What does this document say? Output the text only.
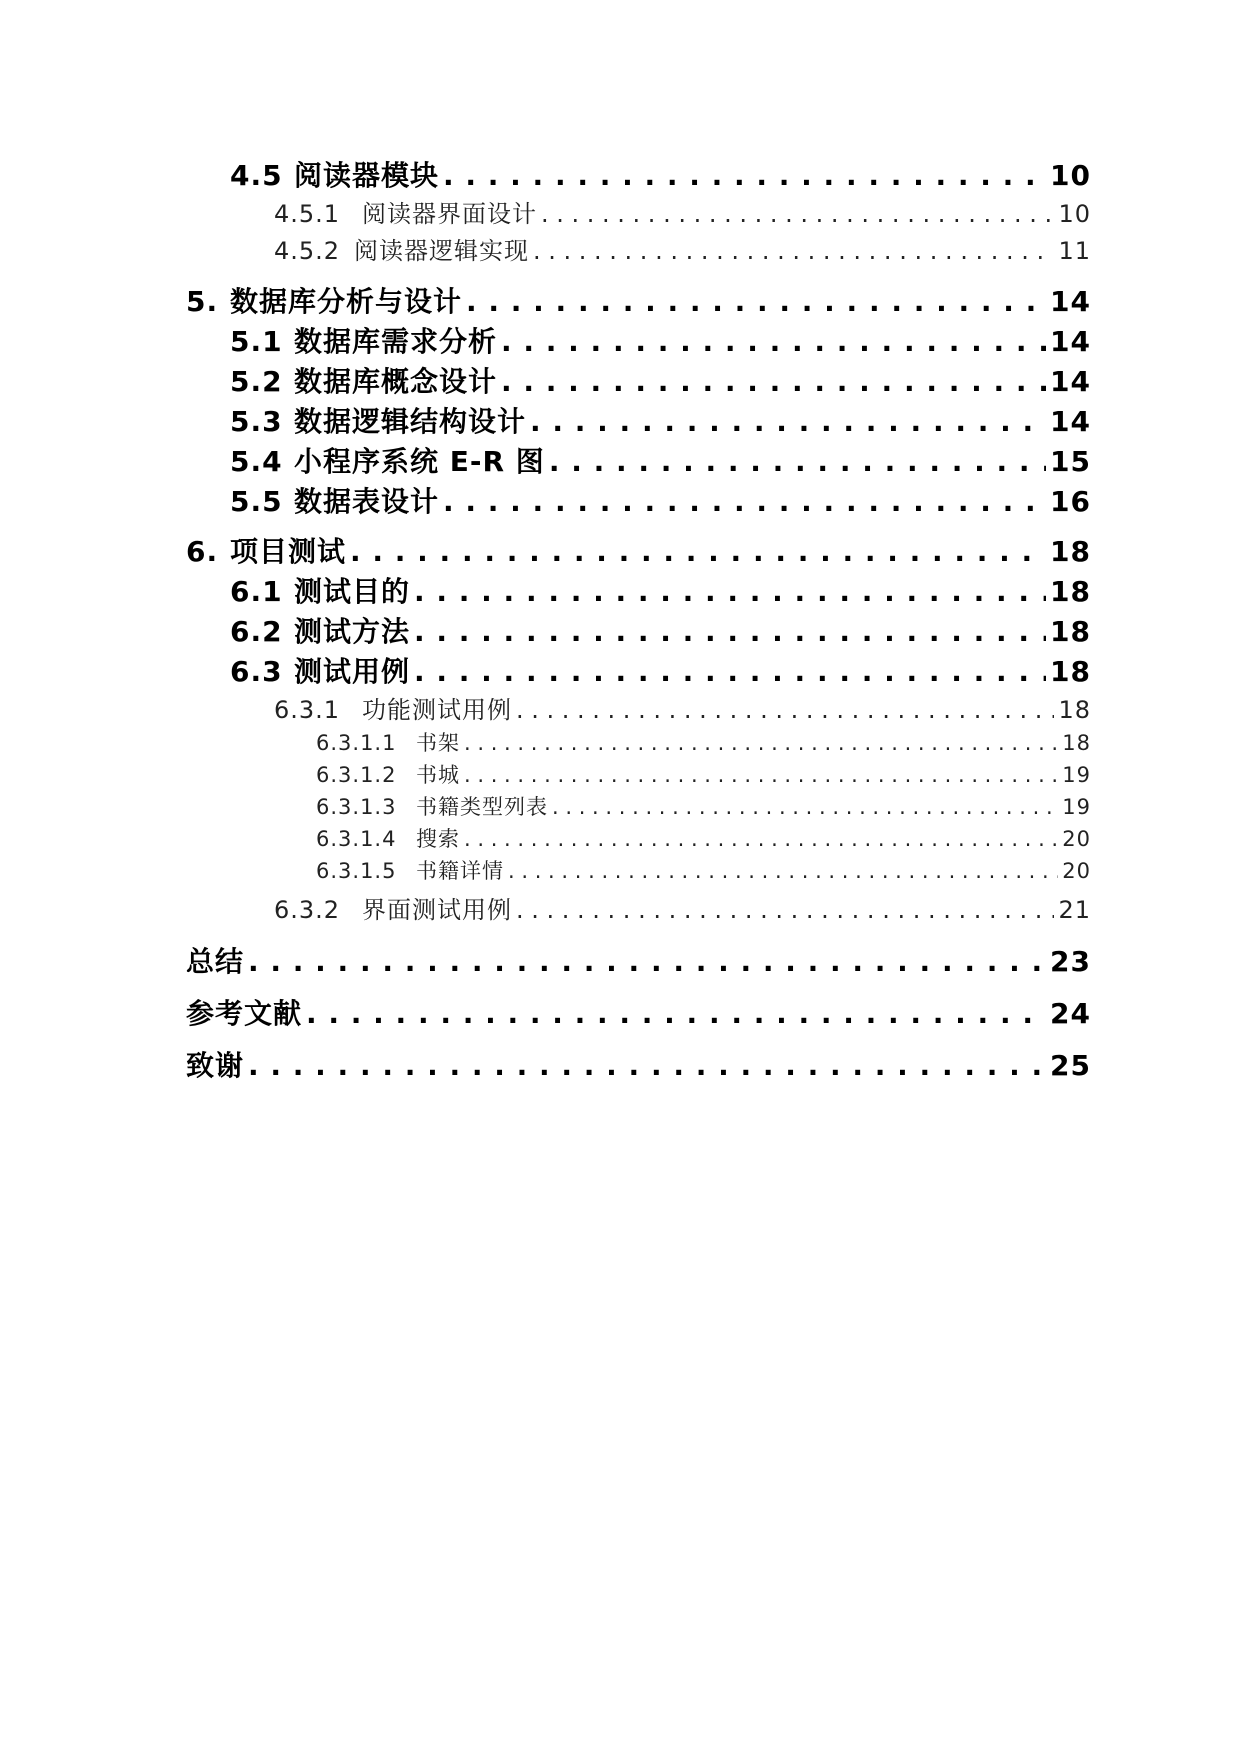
4.5 阅读器模块 . . .	10
4.5.1 阅读器界面设计 . . .	10
4.5.2 阅读器逻辑实现 . . .	11
5. 数据库分析与设计 . . .	14
5.1 数据库需求分析 . . .	14
5.2 数据库概念设计 . . .	14
5.3 数据逻辑结构设计 . . .	14
5.4 小程序系统 E-R 图 . . .	15
5.5 数据表设计 . . .	16
6. 项目测试 . . .	18
6.1 测试目的 . . .	18
6.2 测试方法 . . .	18
6.3 测试用例 . . .	18
6.3.1 功能测试用例 . . .	18
6.3.1.1 书架 . . .	18
6.3.1.2 书城 . . .	19
6.3.1.3 书籍类型列表 . . .	19
6.3.1.4 搜索 . . .	20
6.3.1.5 书籍详情 . . .	20
6.3.2 界面测试用例 . . .	21
总结 . . .	23
参考文献 . . .	24
致谢 . . .	25
